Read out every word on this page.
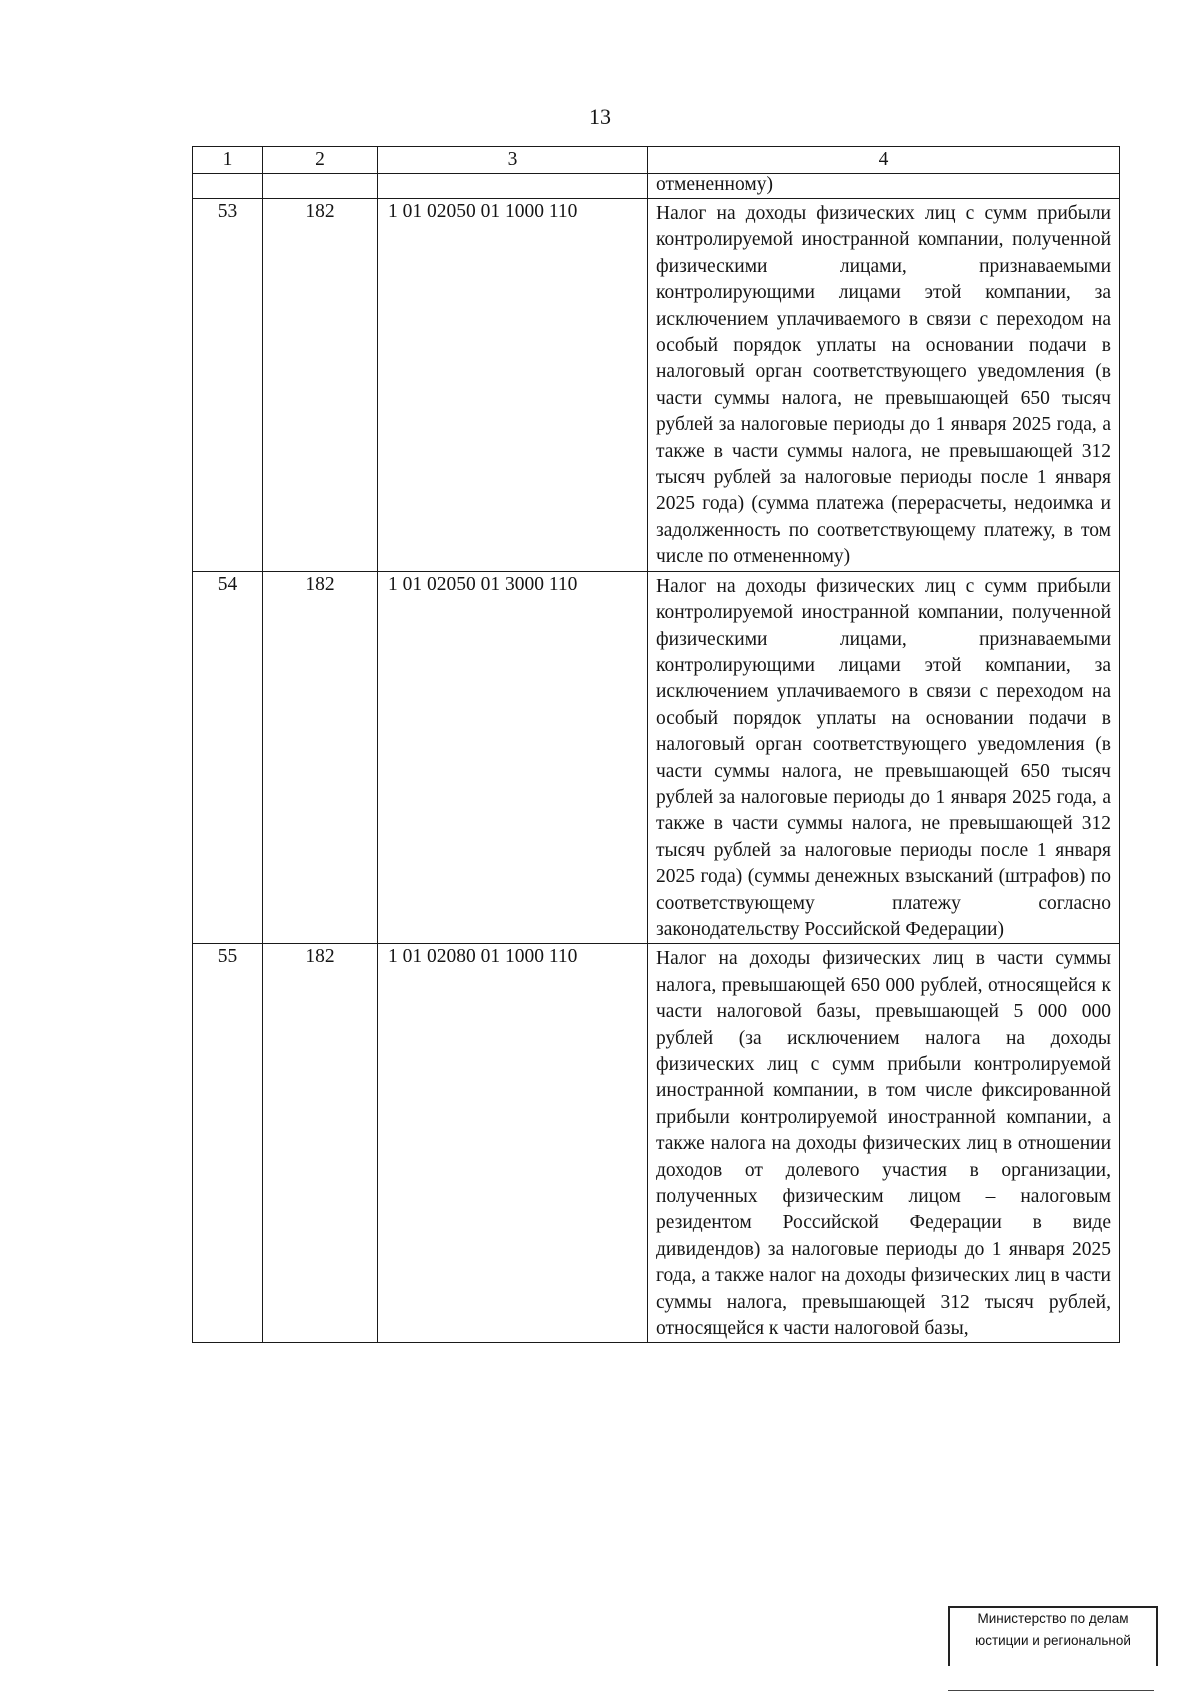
13
1	2	3	4
			отмененному)
53	182	1 01 02050 01 1000 110	Налог на доходы физических лиц с сумм прибыли контролируемой иностранной компании, полученной физическими лицами, признаваемыми контролирующими лицами этой компании, за исключением уплачиваемого в связи с переходом на особый порядок уплаты на основании подачи в налоговый орган соответствующего уведомления (в части суммы налога, не превышающей 650 тысяч рублей за налоговые периоды до 1 января 2025 года, а также в части суммы налога, не превышающей 312 тысяч рублей за налоговые периоды после 1 января 2025 года) (сумма платежа (перерасчеты, недоимка и задолженность по соответствующему платежу, в том числе по отмененному)
54	182	1 01 02050 01 3000 110	Налог на доходы физических лиц с сумм прибыли контролируемой иностранной компании, полученной физическими лицами, признаваемыми контролирующими лицами этой компании, за исключением уплачиваемого в связи с переходом на особый порядок уплаты на основании подачи в налоговый орган соответствующего уведомления (в части суммы налога, не превышающей 650 тысяч рублей за налоговые периоды до 1 января 2025 года, а также в части суммы налога, не превышающей 312 тысяч рублей за налоговые периоды после 1 января 2025 года) (суммы денежных взысканий (штрафов) по соответствующему платежу согласно законодательству Российской Федерации)
55	182	1 01 02080 01 1000 110	Налог на доходы физических лиц в части суммы налога, превышающей 650 000 рублей, относящейся к части налоговой базы, превышающей 5 000 000 рублей (за исключением налога на доходы физических лиц с сумм прибыли контролируемой иностранной компании, в том числе фиксированной прибыли контролируемой иностранной компании, а также налога на доходы физических лиц в отношении доходов от долевого участия в организации, полученных физическим лицом – налоговым резидентом Российской Федерации в виде дивидендов) за налоговые периоды до 1 января 2025 года, а также налог на доходы физических лиц в части суммы налога, превышающей 312 тысяч рублей, относящейся к части налоговой базы,
Министерство по делам
юстиции и региональной
